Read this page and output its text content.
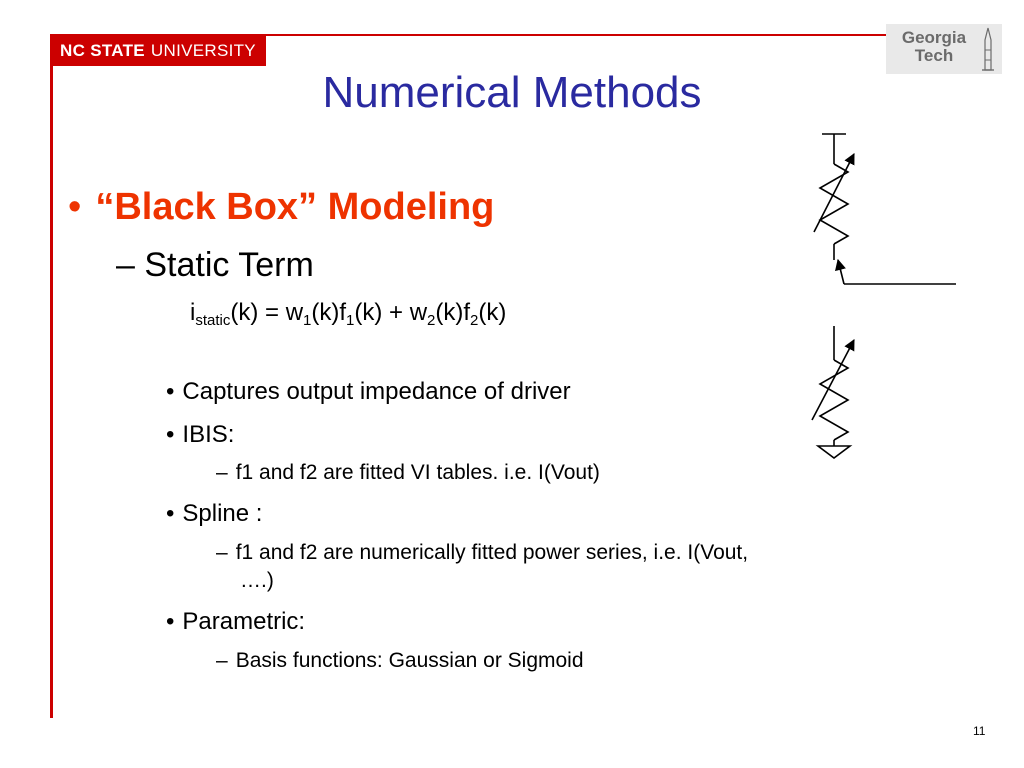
NC STATE UNIVERSITY
Georgia
Tech
Numerical Methods
• “Black Box” Modeling
– Static Term
$i_{static}(k) = w_1(k)f_1(k) + w_2(k)f_2(k)$
• Captures output impedance of driver
• IBIS:
– f1 and f2 are fitted VI tables. i.e. I(Vout)
• Spline :
– f1 and f2 are numerically fitted power series, i.e. I(Vout,
….)
• Parametric:
– Basis functions: Gaussian or Sigmoid
11
